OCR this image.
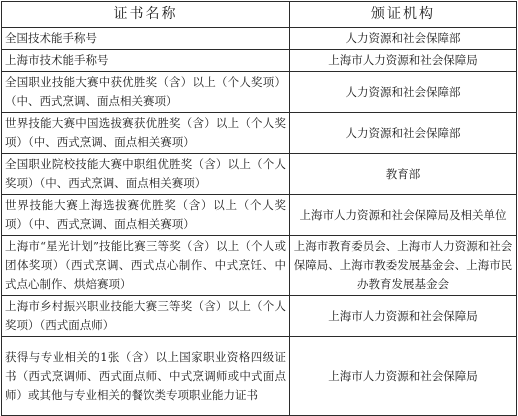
证书名称	颁证机构

全国技术能手称号	人力资源和社会保障部

上海市技术能手称号	上海市人力资源和社会保障局

全国职业技能大赛中获优胜奖（含）以上（个人奖项）（中、西式烹调、面点相关赛项）	人力资源和社会保障部

世界技能大赛中国选拔赛获优胜奖（含）以上（个人奖项）（中、西式烹调、面点相关赛项）	人力资源和社会保障部

全国职业院校技能大赛中职组优胜奖（含）以上（个人奖项）（中、西式烹调、面点相关赛项）	教育部

世界技能大赛上海选拔赛优胜奖（含）以上（个人奖项）（中、西式烹调、面点相关赛项）	上海市人力资源和社会保障局及相关单位

上海市“星光计划”技能比赛三等奖（含）以上（个人或团体奖项）（西式烹调、西式点心制作、中式烹饪、中式点心制作、烘焙赛项）	上海市教育委员会、上海市人力资源和社会保障局、上海市教委发展基金会、上海市民办教育发展基金会

上海市乡村振兴职业技能大赛三等奖（含）以上（个人奖项）（西式面点师）	上海市人力资源和社会保障局

获得与专业相关的1张（含）以上国家职业资格四级证书（西式烹调师、西式面点师、中式烹调师或中式面点师）或其他与专业相关的餐饮类专项职业能力证书	上海市人力资源和社会保障局
